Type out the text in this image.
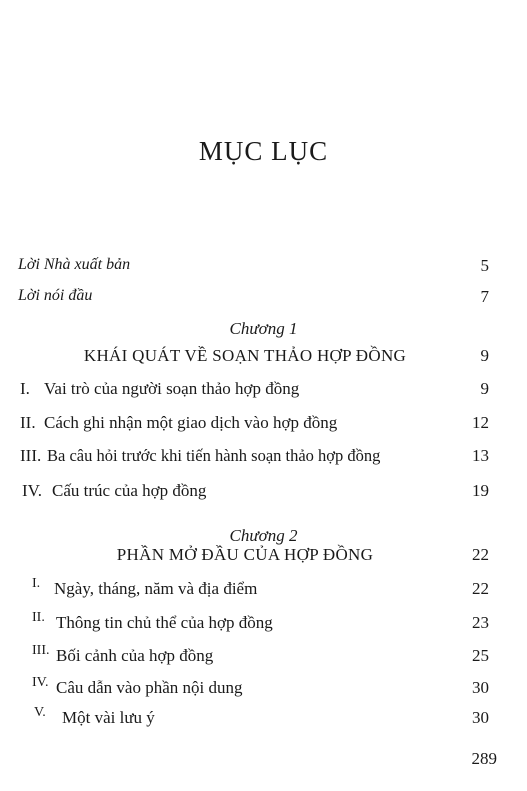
MỤC LỤC
Lời Nhà xuất bản	5
Lời nói đầu	7
Chương 1
KHÁI QUÁT VỀ SOẠN THẢO HỢP ĐỒNG	9
I. Vai trò của người soạn thảo hợp đồng	9
II. Cách ghi nhận một giao dịch vào hợp đồng	12
III. Ba câu hỏi trước khi tiến hành soạn thảo hợp đồng	13
IV. Cấu trúc của hợp đồng	19
Chương 2
PHẦN MỞ ĐẦU CỦA HỢP ĐỒNG	22
I. Ngày, tháng, năm và địa điểm	22
II. Thông tin chủ thể của hợp đồng	23
III. Bối cảnh của hợp đồng	25
IV. Câu dẫn vào phần nội dung	30
V. Một vài lưu ý	30
289
